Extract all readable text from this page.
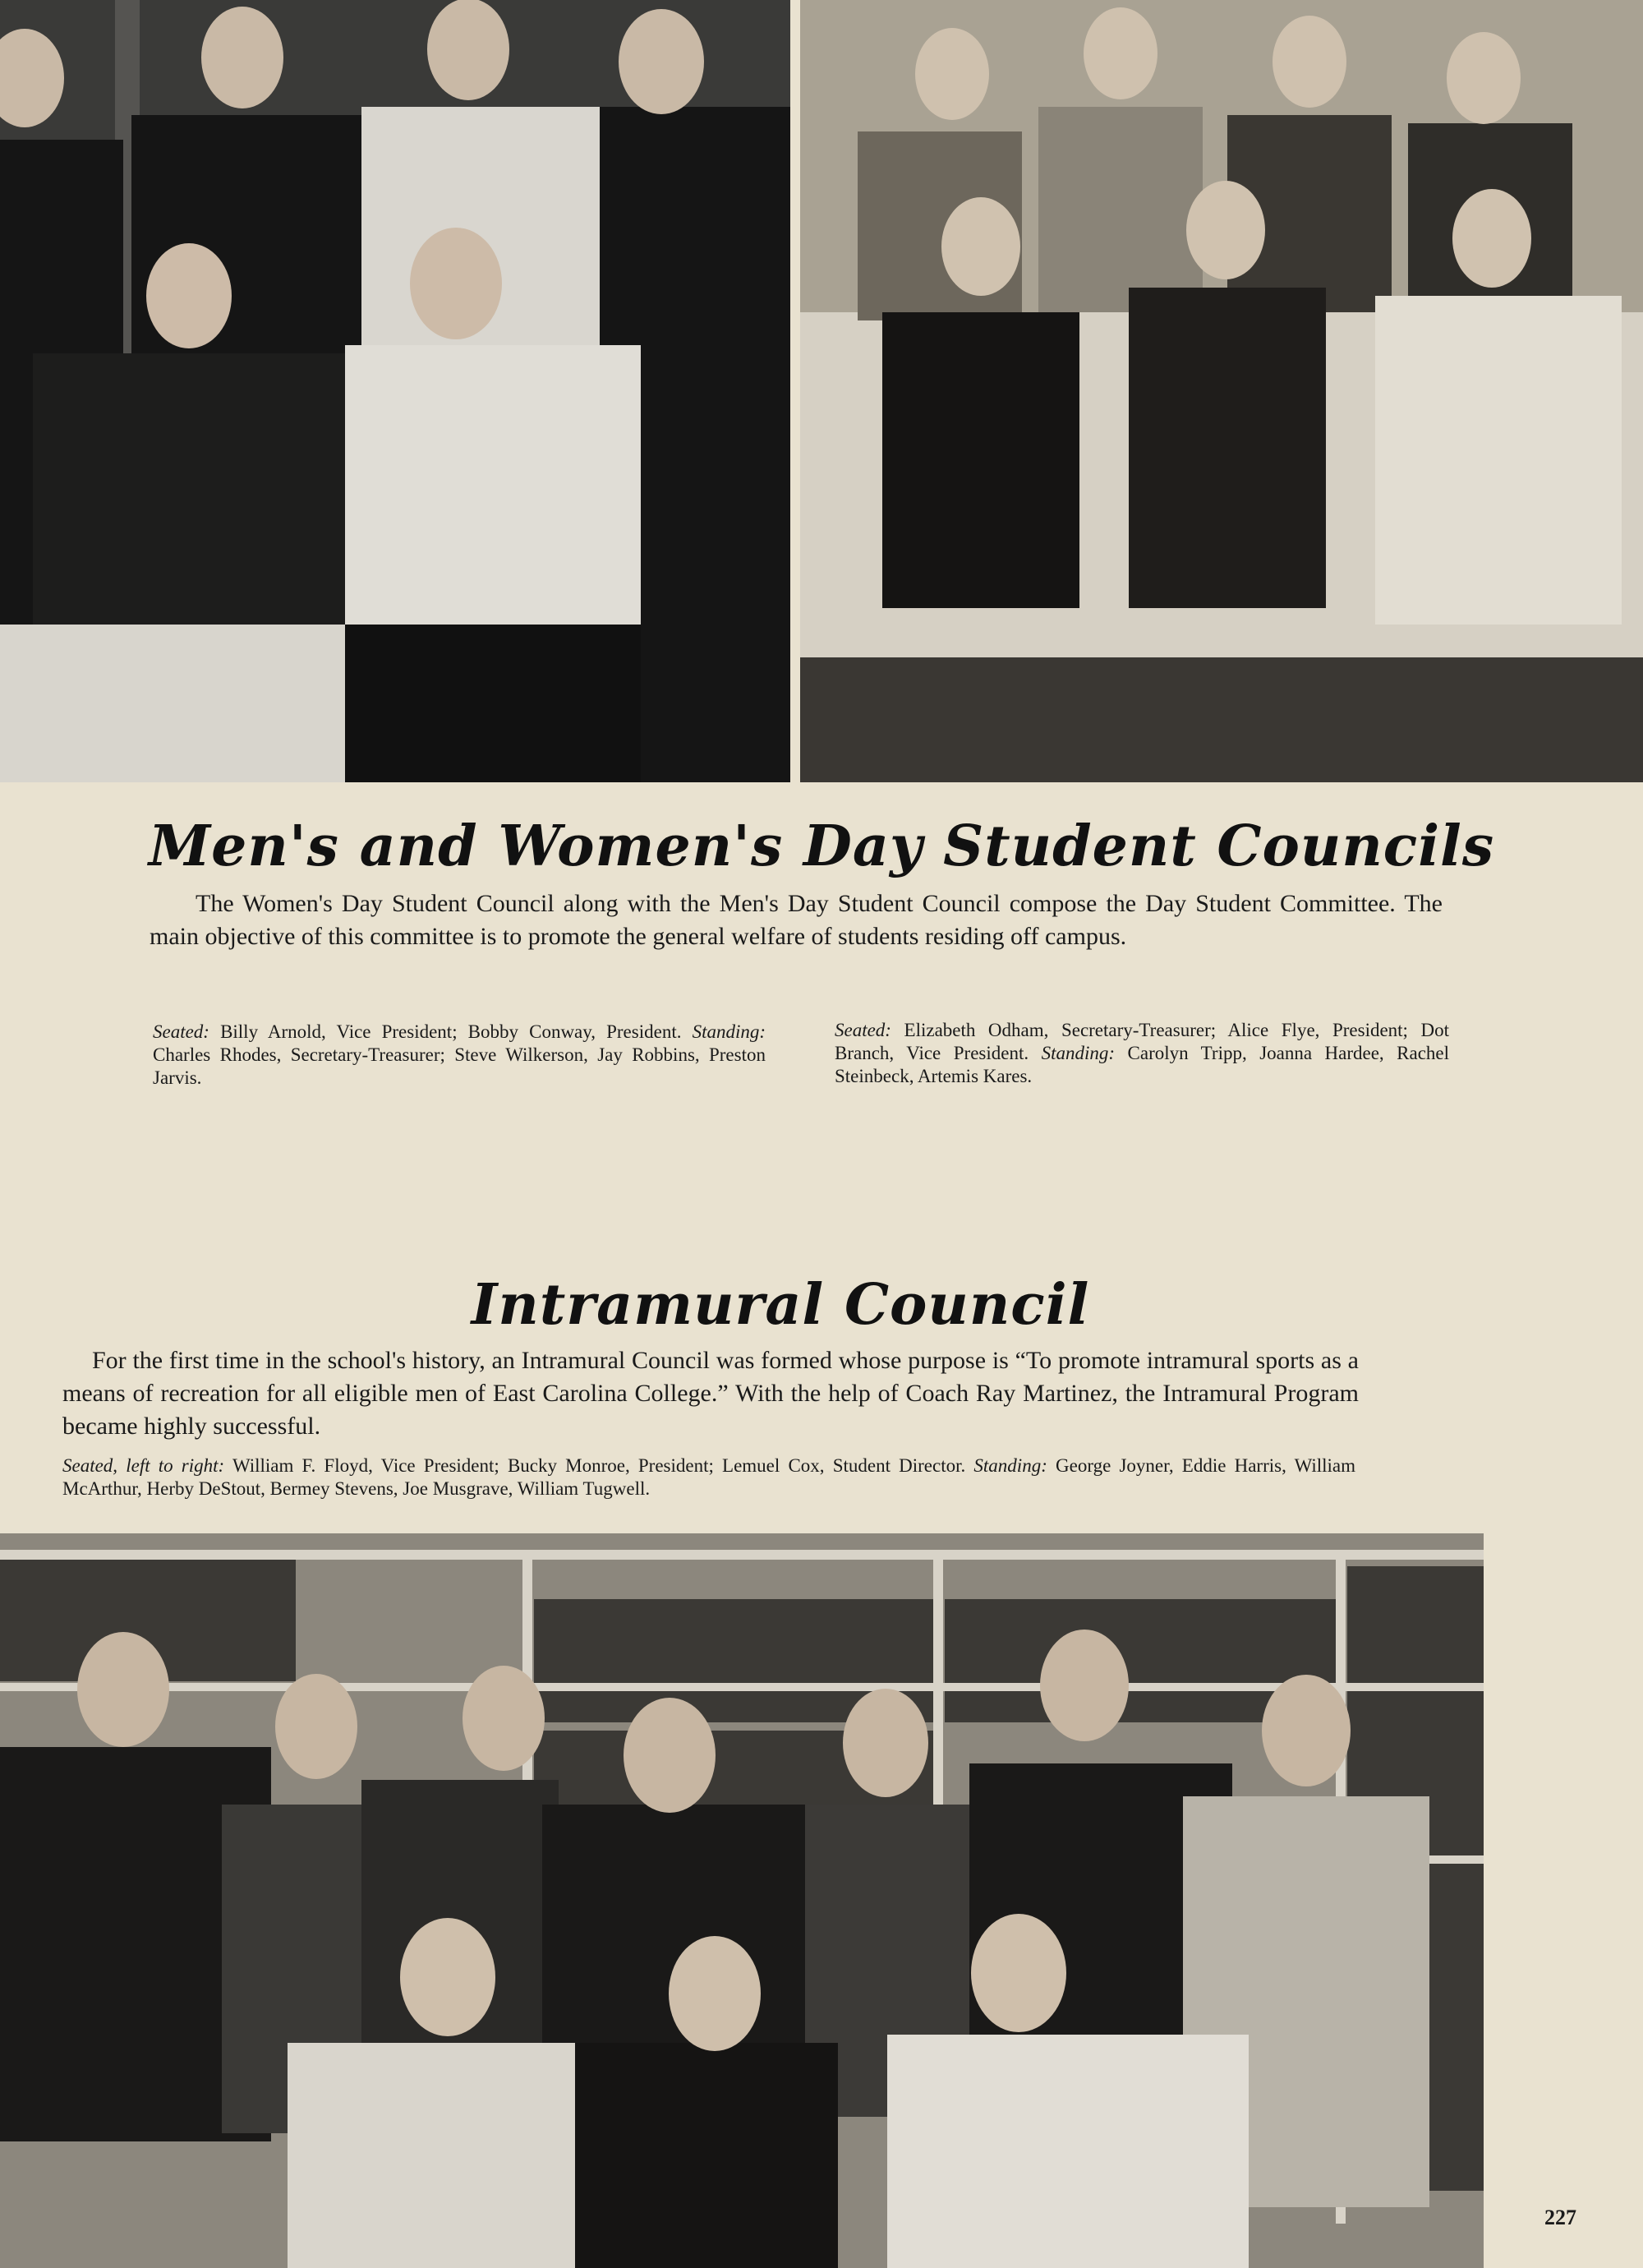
Men's and Women's Day Student Councils
The Women's Day Student Council along with the Men's Day Student Council compose the Day Student Committee. The main objective of this committee is to promote the general welfare of students residing off campus.
Seated: Billy Arnold, Vice President; Bobby Conway, President. Standing: Charles Rhodes, Secretary-Treasurer; Steve Wilkerson, Jay Robbins, Preston Jarvis.
Seated: Elizabeth Odham, Secretary-Treasurer; Alice Flye, President; Dot Branch, Vice President. Standing: Carolyn Tripp, Joanna Hardee, Rachel Steinbeck, Artemis Kares.
Intramural Council
For the first time in the school's history, an Intramural Council was formed whose purpose is “To promote intramural sports as a means of recreation for all eligible men of East Carolina College.” With the help of Coach Ray Martinez, the Intramural Program became highly successful.
Seated, left to right: William F. Floyd, Vice President; Bucky Monroe, President; Lemuel Cox, Student Director. Standing: George Joyner, Eddie Harris, William McArthur, Herby DeStout, Bermey Stevens, Joe Musgrave, William Tugwell.
227
